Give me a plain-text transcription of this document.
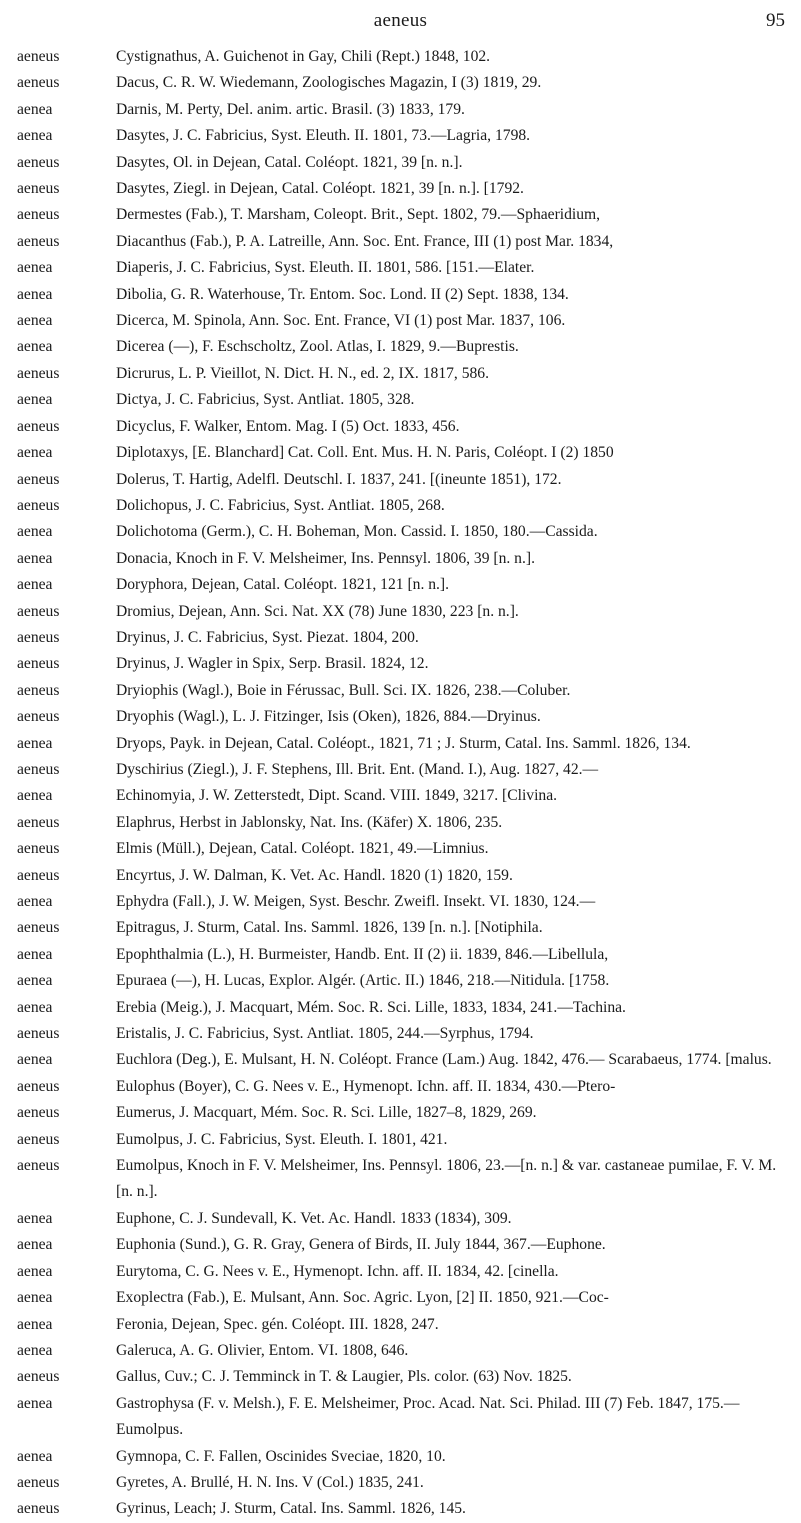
aeneus	95
aeneus	Cystignathus, A. Guichenot in Gay, Chili (Rept.) 1848, 102.
aeneus	Dacus, C. R. W. Wiedemann, Zoologisches Magazin, I (3) 1819, 29.
aenea	Darnis, M. Perty, Del. anim. artic. Brasil. (3) 1833, 179.
aenea	Dasytes, J. C. Fabricius, Syst. Eleuth. II. 1801, 73.—Lagria, 1798.
aeneus	Dasytes, Ol. in Dejean, Catal. Coléopt. 1821, 39 [n. n.].
aeneus	Dasytes, Ziegl. in Dejean, Catal. Coléopt. 1821, 39 [n. n.]. [1792.
aeneus	Dermestes (Fab.), T. Marsham, Coleopt. Brit., Sept. 1802, 79.—Sphaeridium,
aeneus	Diacanthus (Fab.), P. A. Latreille, Ann. Soc. Ent. France, III (1) post Mar. 1834,
aenea	Diaperis, J. C. Fabricius, Syst. Eleuth. II. 1801, 586. [151.—Elater.
aenea	Dibolia, G. R. Waterhouse, Tr. Entom. Soc. Lond. II (2) Sept. 1838, 134.
aenea	Dicerca, M. Spinola, Ann. Soc. Ent. France, VI (1) post Mar. 1837, 106.
aenea	Dicerea (—), F. Eschscholtz, Zool. Atlas, I. 1829, 9.—Buprestis.
aeneus	Dicrurus, L. P. Vieillot, N. Dict. H. N., ed. 2, IX. 1817, 586.
aenea	Dictya, J. C. Fabricius, Syst. Antliat. 1805, 328.
aeneus	Dicyclus, F. Walker, Entom. Mag. I (5) Oct. 1833, 456.
aenea	Diplotaxys, [E. Blanchard] Cat. Coll. Ent. Mus. H. N. Paris, Coléopt. I (2) 1850
aeneus	Dolerus, T. Hartig, Adelfl. Deutschl. I. 1837, 241. [(ineunte 1851), 172.
aeneus	Dolichopus, J. C. Fabricius, Syst. Antliat. 1805, 268.
aenea	Dolichotoma (Germ.), C. H. Boheman, Mon. Cassid. I. 1850, 180.—Cassida.
aenea	Donacia, Knoch in F. V. Melsheimer, Ins. Pennsyl. 1806, 39 [n. n.].
aenea	Doryphora, Dejean, Catal. Coléopt. 1821, 121 [n. n.].
aeneus	Dromius, Dejean, Ann. Sci. Nat. XX (78) June 1830, 223 [n. n.].
aeneus	Dryinus, J. C. Fabricius, Syst. Piezat. 1804, 200.
aeneus	Dryinus, J. Wagler in Spix, Serp. Brasil. 1824, 12.
aeneus	Dryiophis (Wagl.), Boie in Férussac, Bull. Sci. IX. 1826, 238.—Coluber.
aeneus	Dryophis (Wagl.), L. J. Fitzinger, Isis (Oken), 1826, 884.—Dryinus.
aenea	Dryops, Payk. in Dejean, Catal. Coléopt., 1821, 71 ; J. Sturm, Catal. Ins. Samml. 1826, 134.
aeneus	Dyschirius (Ziegl.), J. F. Stephens, Ill. Brit. Ent. (Mand. I.), Aug. 1827, 42.—
aenea	Echinomyia, J. W. Zetterstedt, Dipt. Scand. VIII. 1849, 3217. [Clivina.
aeneus	Elaphrus, Herbst in Jablonsky, Nat. Ins. (Käfer) X. 1806, 235.
aeneus	Elmis (Müll.), Dejean, Catal. Coléopt. 1821, 49.—Limnius.
aeneus	Encyrtus, J. W. Dalman, K. Vet. Ac. Handl. 1820 (1) 1820, 159.
aenea	Ephydra (Fall.), J. W. Meigen, Syst. Beschr. Zweifl. Insekt. VI. 1830, 124.—
aeneus	Epitragus, J. Sturm, Catal. Ins. Samml. 1826, 139 [n. n.]. [Notiphila.
aenea	Epophthalmia (L.), H. Burmeister, Handb. Ent. II (2) ii. 1839, 846.—Libellula,
aenea	Epuraea (—), H. Lucas, Explor. Algér. (Artic. II.) 1846, 218.—Nitidula. [1758.
aenea	Erebia (Meig.), J. Macquart, Mém. Soc. R. Sci. Lille, 1833, 1834, 241.—Tachina.
aeneus	Eristalis, J. C. Fabricius, Syst. Antliat. 1805, 244.—Syrphus, 1794.
aenea	Euchlora (Deg.), E. Mulsant, H. N. Coléopt. France (Lam.) Aug. 1842, 476.— Scarabaeus, 1774. [malus.
aeneus	Eulophus (Boyer), C. G. Nees v. E., Hymenopt. Ichn. aff. II. 1834, 430.—Ptero-
aeneus	Eumerus, J. Macquart, Mém. Soc. R. Sci. Lille, 1827–8, 1829, 269.
aeneus	Eumolpus, J. C. Fabricius, Syst. Eleuth. I. 1801, 421.
aeneus	Eumolpus, Knoch in F. V. Melsheimer, Ins. Pennsyl. 1806, 23.—[n. n.] & var. castaneae pumilae, F. V. M. [n. n.].
aenea	Euphone, C. J. Sundevall, K. Vet. Ac. Handl. 1833 (1834), 309.
aenea	Euphonia (Sund.), G. R. Gray, Genera of Birds, II. July 1844, 367.—Euphone.
aenea	Eurytoma, C. G. Nees v. E., Hymenopt. Ichn. aff. II. 1834, 42. [cinella.
aenea	Exoplectra (Fab.), E. Mulsant, Ann. Soc. Agric. Lyon, [2] II. 1850, 921.—Coc-
aenea	Feronia, Dejean, Spec. gén. Coléopt. III. 1828, 247.
aenea	Galeruca, A. G. Olivier, Entom. VI. 1808, 646.
aeneus	Gallus, Cuv.; C. J. Temminck in T. & Laugier, Pls. color. (63) Nov. 1825.
aenea	Gastrophysa (F. v. Melsh.), F. E. Melsheimer, Proc. Acad. Nat. Sci. Philad. III (7) Feb. 1847, 175.—Eumolpus.
aenea	Gymnopa, C. F. Fallen, Oscinides Sveciae, 1820, 10.
aeneus	Gyretes, A. Brullé, H. N. Ins. V (Col.) 1835, 241.
aeneus	Gyrinus, Leach; J. Sturm, Catal. Ins. Samml. 1826, 145.
